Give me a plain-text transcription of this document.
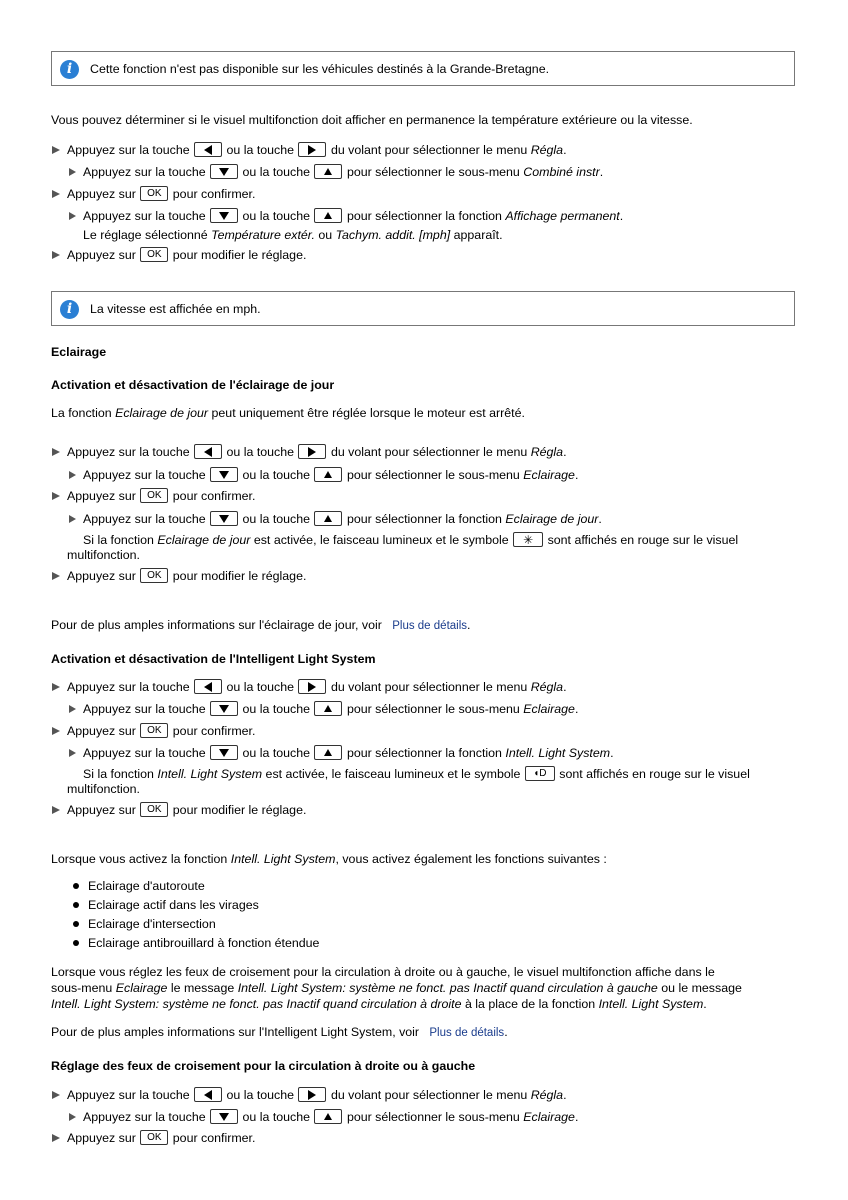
i	Cette fonction n'est pas disponible sur les véhicules destinés à la Grande-Bretagne.
Vous pouvez déterminer si le visuel multifonction doit afficher en permanence la température extérieure ou la vitesse.
Appuyez sur la touche	ou la touche	du volant pour sélectionner le menu Régla.
Appuyez sur la touche	ou la touche	pour sélectionner le sous-menu Combiné instr.
Appuyez sur	OK pour confirmer.
Appuyez sur la touche	ou la touche	pour sélectionner la fonction Affichage permanent.
Le réglage sélectionné Température extér. ou Tachym. addit. [mph] apparaît.
Appuyez sur	OK pour modifier le réglage.
i	La vitesse est affichée en mph.
Eclairage
Activation et désactivation de l'éclairage de jour
La fonction Eclairage de jour peut uniquement être réglée lorsque le moteur est arrêté.
Appuyez sur la touche	ou la touche	du volant pour sélectionner le menu Régla.
Appuyez sur la touche	ou la touche	pour sélectionner le sous-menu Eclairage.
Appuyez sur	OK pour confirmer.
Appuyez sur la touche	ou la touche	pour sélectionner la fonction Eclairage de jour.
Si la fonction Eclairage de jour est activée, le faisceau lumineux et le symbole	✳	sont affichés en rouge sur le visuel
multifonction.
Appuyez sur	OK pour modifier le réglage.
Pour de plus amples informations sur l'éclairage de jour, voir Plus de détails.
Activation et désactivation de l'Intelligent Light System
Appuyez sur la touche	ou la touche	du volant pour sélectionner le menu Régla.
Appuyez sur la touche	ou la touche	pour sélectionner le sous-menu Eclairage.
Appuyez sur	OK pour confirmer.
Appuyez sur la touche	ou la touche	pour sélectionner la fonction Intell. Light System.
Si la fonction Intell. Light System est activée, le faisceau lumineux et le symbole	◖D	sont affichés en rouge sur le visuel
multifonction.
Appuyez sur	OK pour modifier le réglage.
Lorsque vous activez la fonction Intell. Light System, vous activez également les fonctions suivantes :
Eclairage d'autoroute
Eclairage actif dans les virages
Eclairage d'intersection
Eclairage antibrouillard à fonction étendue
Lorsque vous réglez les feux de croisement pour la circulation à droite ou à gauche, le visuel multifonction affiche dans le
sous-menu Eclairage le message Intell. Light System: système ne fonct. pas Inactif quand circulation à gauche ou le message
Intell. Light System: système ne fonct. pas Inactif quand circulation à droite à la place de la fonction Intell. Light System.
Pour de plus amples informations sur l'Intelligent Light System, voir Plus de détails.
Réglage des feux de croisement pour la circulation à droite ou à gauche
Appuyez sur la touche	ou la touche	du volant pour sélectionner le menu Régla.
Appuyez sur la touche	ou la touche	pour sélectionner le sous-menu Eclairage.
Appuyez sur	OK pour confirmer.
